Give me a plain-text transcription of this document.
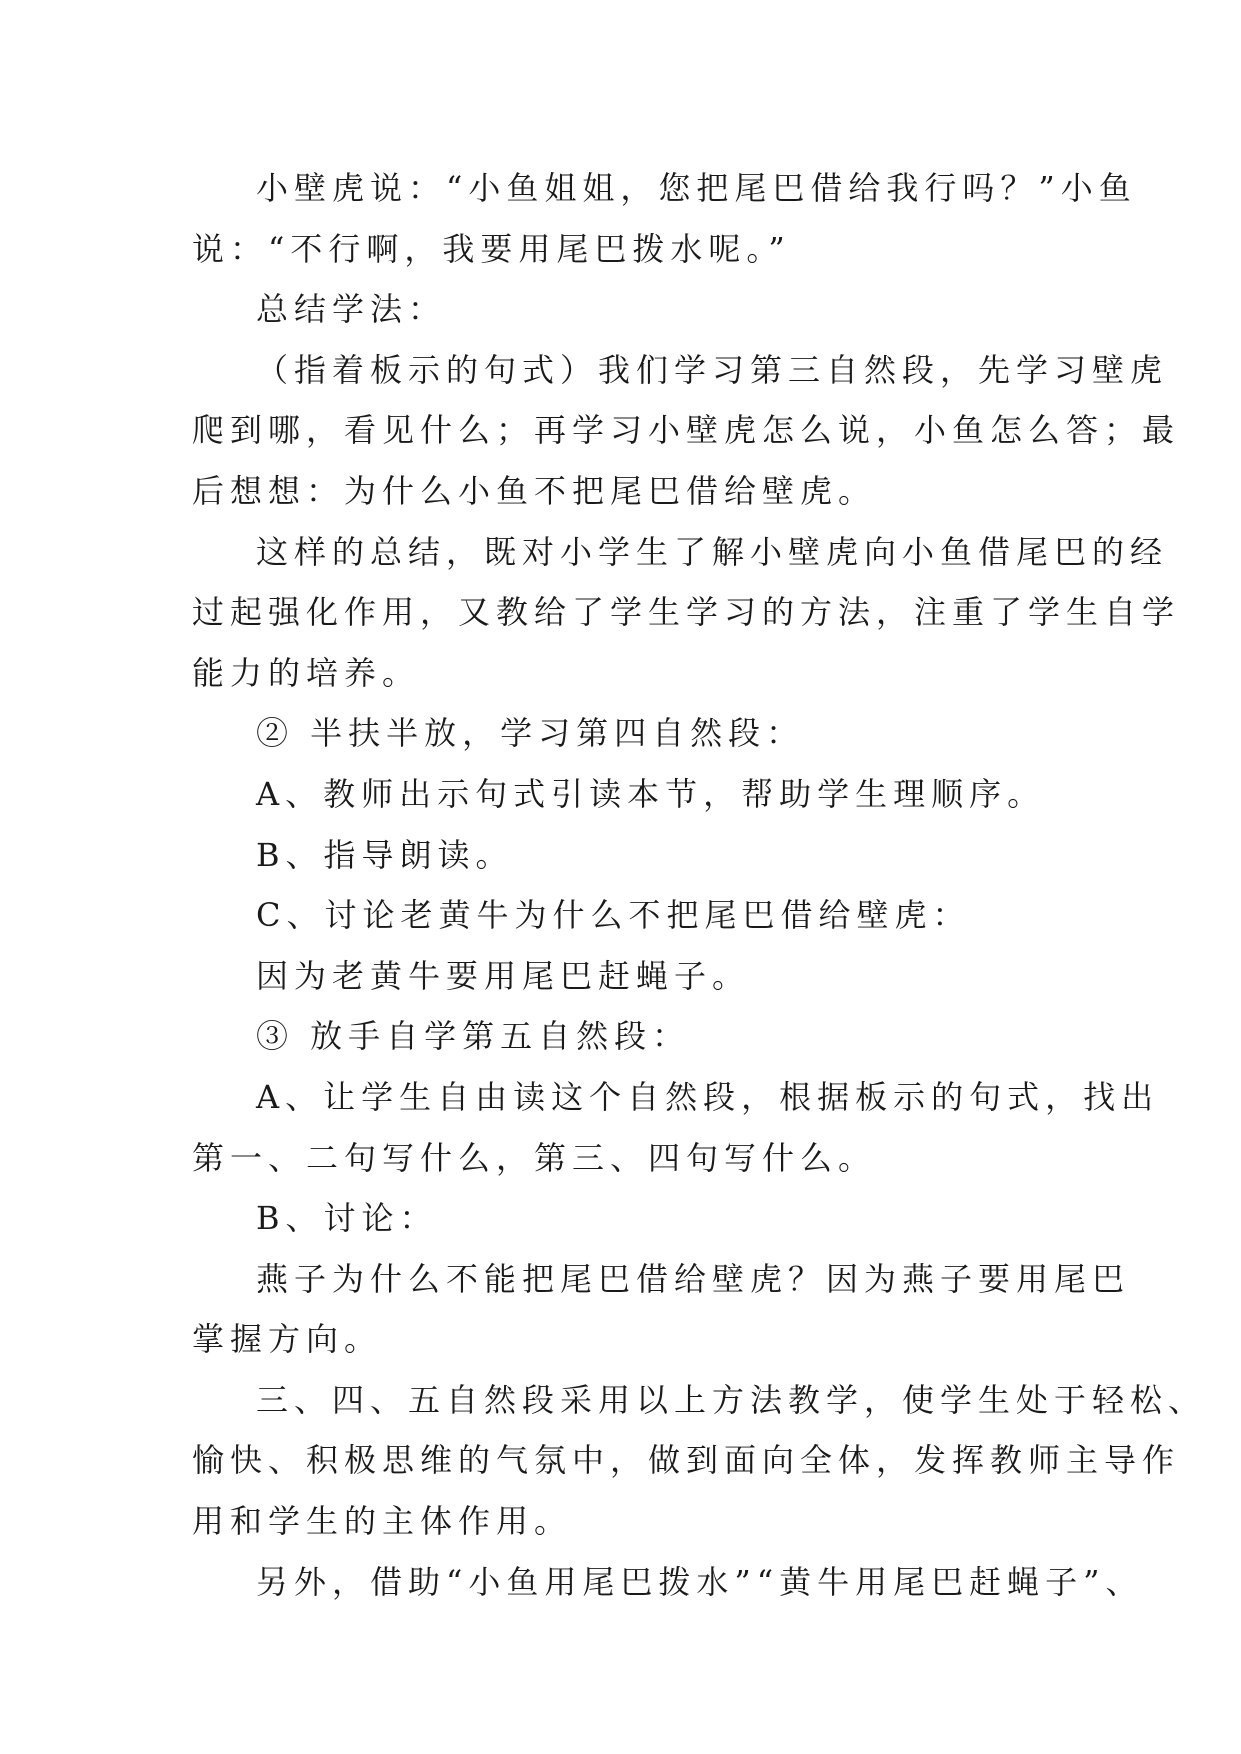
小壁虎说：“小鱼姐姐，您把尾巴借给我行吗？”小鱼
说：“不行啊，我要用尾巴拨水呢。”
总结学法：
（指着板示的句式）我们学习第三自然段，先学习壁虎
爬到哪，看见什么；再学习小壁虎怎么说，小鱼怎么答；最
后想想：为什么小鱼不把尾巴借给壁虎。
这样的总结，既对小学生了解小壁虎向小鱼借尾巴的经
过起强化作用，又教给了学生学习的方法，注重了学生自学
能力的培养。
② 半扶半放，学习第四自然段：
A、教师出示句式引读本节，帮助学生理顺序。
B、指导朗读。
C、讨论老黄牛为什么不把尾巴借给壁虎：
因为老黄牛要用尾巴赶蝇子。
③ 放手自学第五自然段：
A、让学生自由读这个自然段，根据板示的句式，找出
第一、二句写什么，第三、四句写什么。
B、讨论：
燕子为什么不能把尾巴借给壁虎？因为燕子要用尾巴
掌握方向。
三、四、五自然段采用以上方法教学，使学生处于轻松、
愉快、积极思维的气氛中，做到面向全体，发挥教师主导作
用和学生的主体作用。
另外，借助“小鱼用尾巴拨水”“黄牛用尾巴赶蝇子”、
